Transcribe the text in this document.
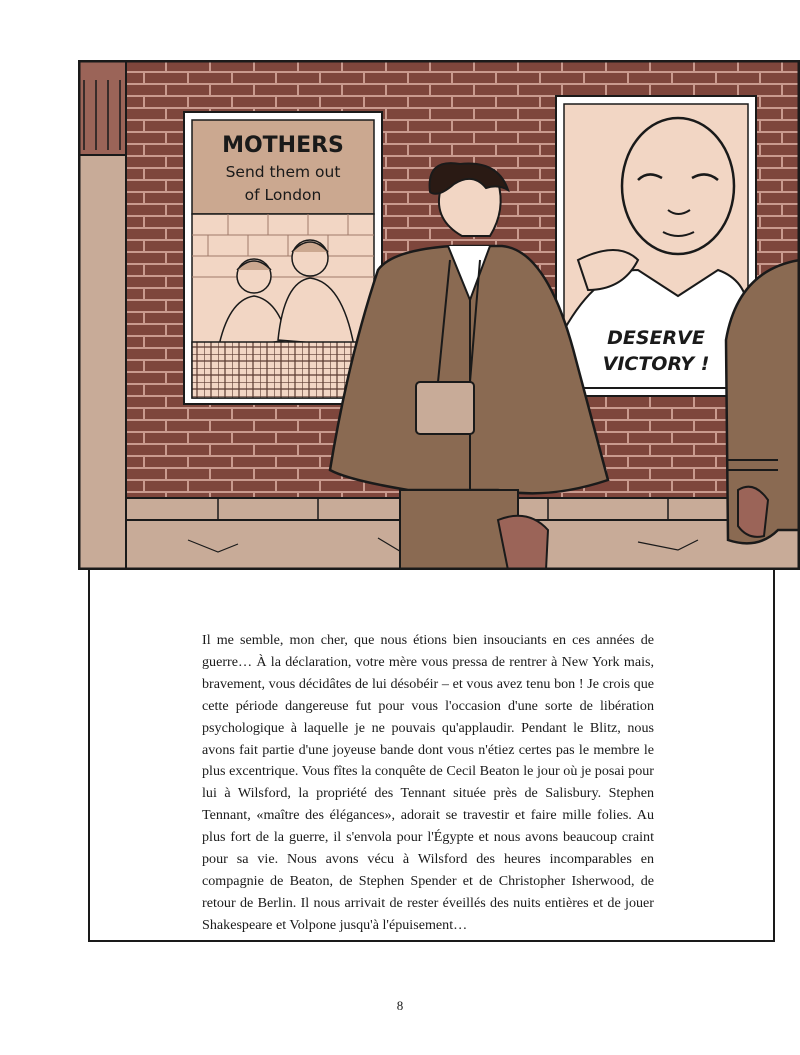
MOTHERS
Send them out
of London
DESERVE
VICTORY !

Il me semble, mon cher, que nous étions bien insouciants en ces années de guerre… À la déclaration, votre mère vous pressa de rentrer à New York mais, bravement, vous décidâtes de lui désobéir – et vous avez tenu bon ! Je crois que cette période dangereuse fut pour vous l'occasion d'une sorte de libération psychologique à laquelle je ne pouvais qu'applaudir. Pendant le Blitz, nous avons fait partie d'une joyeuse bande dont vous n'étiez certes pas le membre le plus excentrique. Vous fîtes la conquête de Cecil Beaton le jour où je posai pour lui à Wilsford, la propriété des Tennant située près de Salisbury. Stephen Tennant, «maître des élégances», adorait se travestir et faire mille folies. Au plus fort de la guerre, il s'envola pour l'Égypte et nous avons beaucoup craint pour sa vie. Nous avons vécu à Wilsford des heures incomparables en compagnie de Beaton, de Stephen Spender et de Christopher Isherwood, de retour de Berlin. Il nous arrivait de rester éveillés des nuits entières et de jouer Shakespeare et Volpone jusqu'à l'épuisement…

8
